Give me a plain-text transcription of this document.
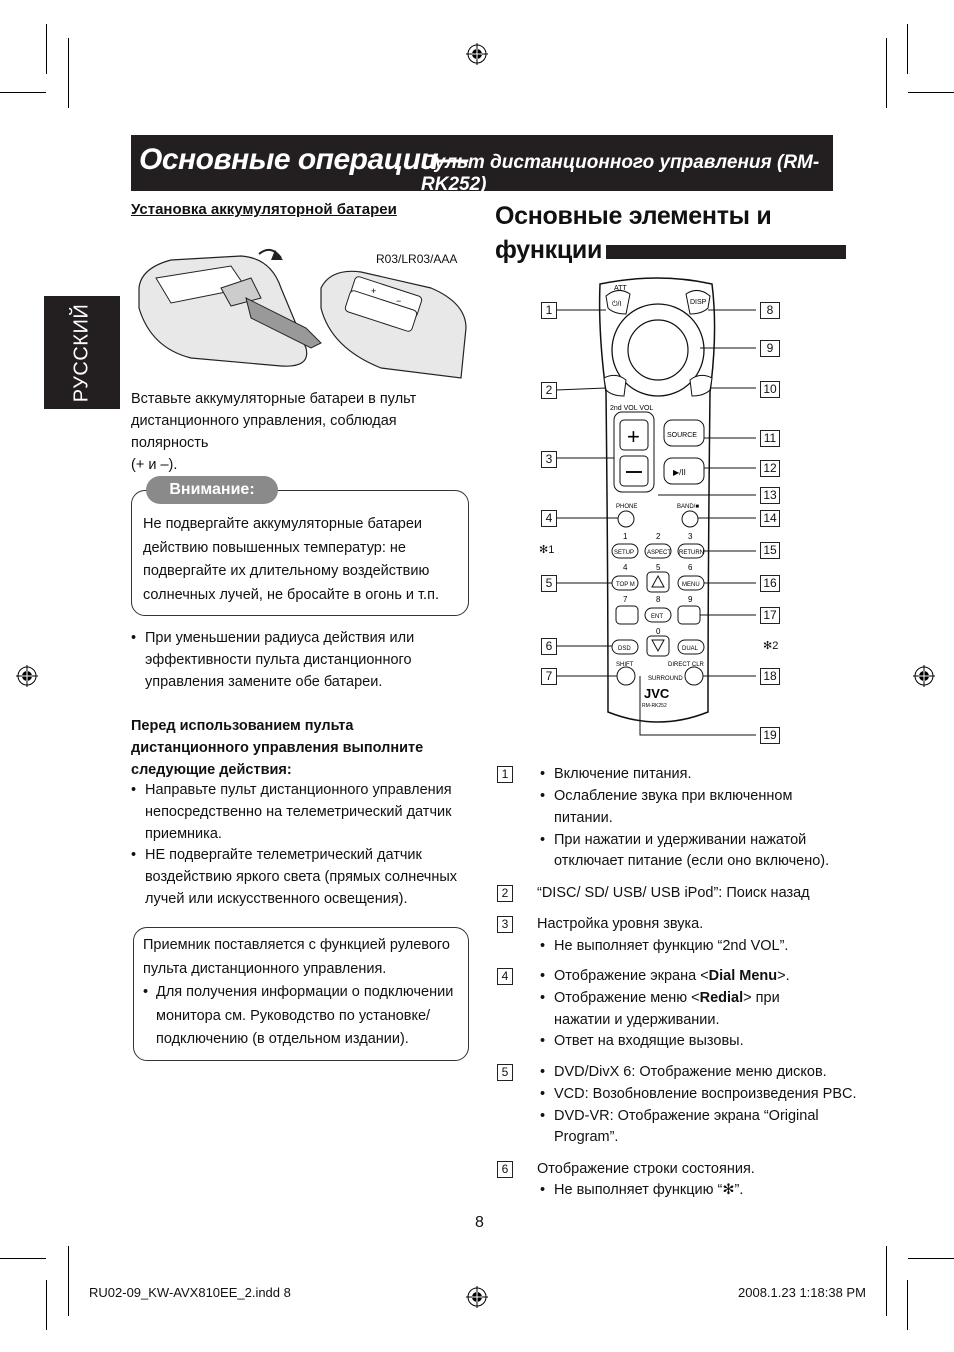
Основные операции—
Пульт дистанционного управления (RM-RK252)
РУССКИЙ
Установка аккумуляторной батареи
+
−
R03/LR03/AAA
Вставьте аккумуляторные батареи в пульт
дистанционного управления, соблюдая полярность
(+ и –).
Внимание:
Не подвергайте аккумуляторные батареи
действию повышенных температур: не
подвергайте их длительному воздействию
солнечных лучей, не бросайте в огонь и т.п.
• При уменьшении радиуса действия или
эффективности пульта дистанционного
управления замените обе батареи.
Перед использованием пульта
дистанционного управления выполните
следующие действия:
• Направьте пульт дистанционного управления
непосредственно на телеметрический датчик
приемника.
• НЕ подвергайте телеметрический датчик
воздействию яркого света (прямых солнечных
лучей или искусственного освещения).
Приемник поставляется с функцией рулевого
пульта дистанционного управления.
• Для получения информации о подключении
монитора см. Руководство по установке/
подключению (в отдельном издании).
Основные элементы и
функции
+
1	2	3
4	5	6
7	8	9
0
ATT
⏻/I	DISP
2nd VOL VOL
SOURCE
▶/II
PHONE	BAND/■
SETUP ASPECT RETURN
TOP M	MENU
ENT
DSD	DUAL
SHIFT	DIRECT CLR
SURROUND
JVC
RM-RK252
1
2
3
4
5
6
7
✻1
8
9
10
11
12
13
14
15
16
17
18
19
✻2
1	• Включение питания.
• Ослабление звука при включенном
питании.
• При нажатии и удерживании нажатой
отключает питание (если оно включено).
2	“DISC/ SD/ USB/ USB iPod”: Поиск назад
3	Настройка уровня звука.
• Не выполняет функцию “2nd VOL”.
4	• Отображение экрана <Dial Menu>.
• Отображение меню <Redial> при
нажатии и удерживании.
• Ответ на входящие вызовы.
5	• DVD/DivX 6: Отображение меню дисков.
• VCD: Возобновление воспроизведения PBC.
• DVD-VR: Отображение экрана “Original
Program”.
6	Отображение строки состояния.
• Не выполняет функцию “✻”.
8
RU02-09_KW-AVX810EE_2.indd 8	2008.1.23 1:18:38 PM
